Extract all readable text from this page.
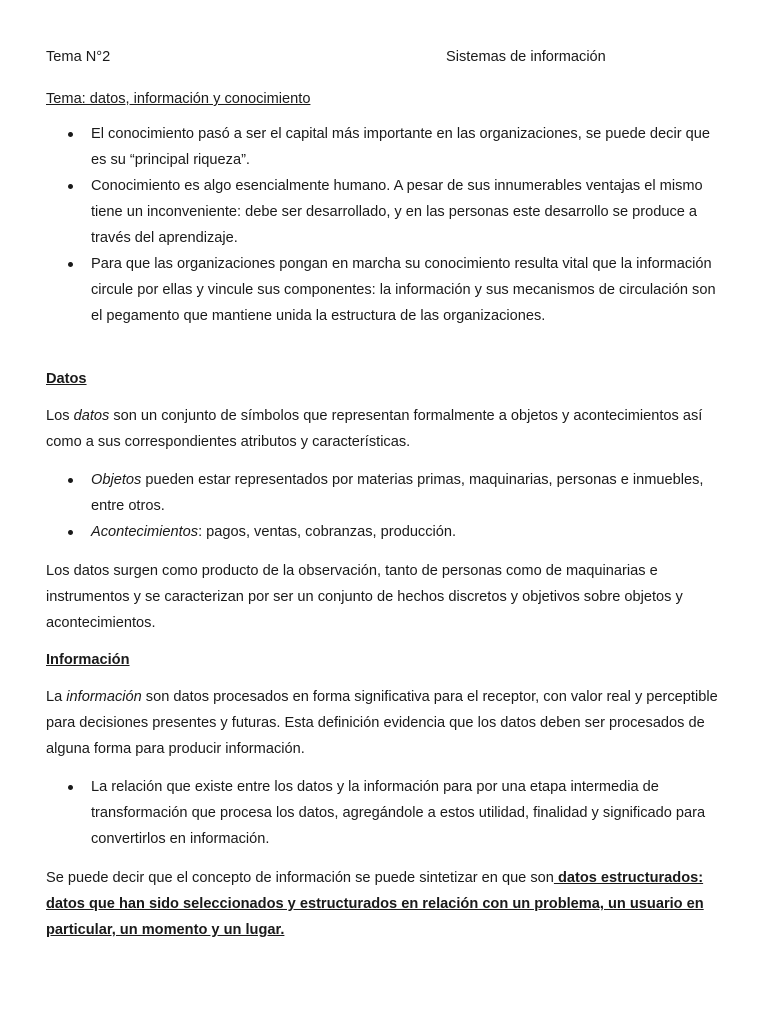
Tema N°2	Sistemas de información
Tema: datos, información y conocimiento
El conocimiento pasó a ser el capital más importante en las organizaciones, se puede decir que es su “principal riqueza”.
Conocimiento es algo esencialmente humano. A pesar de sus innumerables ventajas el mismo tiene un inconveniente: debe ser desarrollado, y en las personas este desarrollo se produce a través del aprendizaje.
Para que las organizaciones pongan en marcha su conocimiento resulta vital que la información circule por ellas y vincule sus componentes: la información y sus mecanismos de circulación son el pegamento que mantiene unida la estructura de las organizaciones.
Datos

Los datos son un conjunto de símbolos que representan formalmente a objetos y acontecimientos así como a sus correspondientes atributos y características.

Objetos pueden estar representados por materias primas, maquinarias, personas e inmuebles, entre otros.
Acontecimientos: pagos, ventas, cobranzas, producción.

Los datos surgen como producto de la observación, tanto de personas como de maquinarias e instrumentos y se caracterizan por ser un conjunto de hechos discretos y objetivos sobre objetos y acontecimientos.

Información

La información son datos procesados en forma significativa para el receptor, con valor real y perceptible para decisiones presentes y futuras. Esta definición evidencia que los datos deben ser procesados de alguna forma para producir información.

La relación que existe entre los datos y la información para por una etapa intermedia de transformación que procesa los datos, agregándole a estos utilidad, finalidad y significado para convertirlos en información.

Se puede decir que el concepto de información se puede sintetizar en que son datos estructurados: datos que han sido seleccionados y estructurados en relación con un problema, un usuario en particular, un momento y un lugar.
